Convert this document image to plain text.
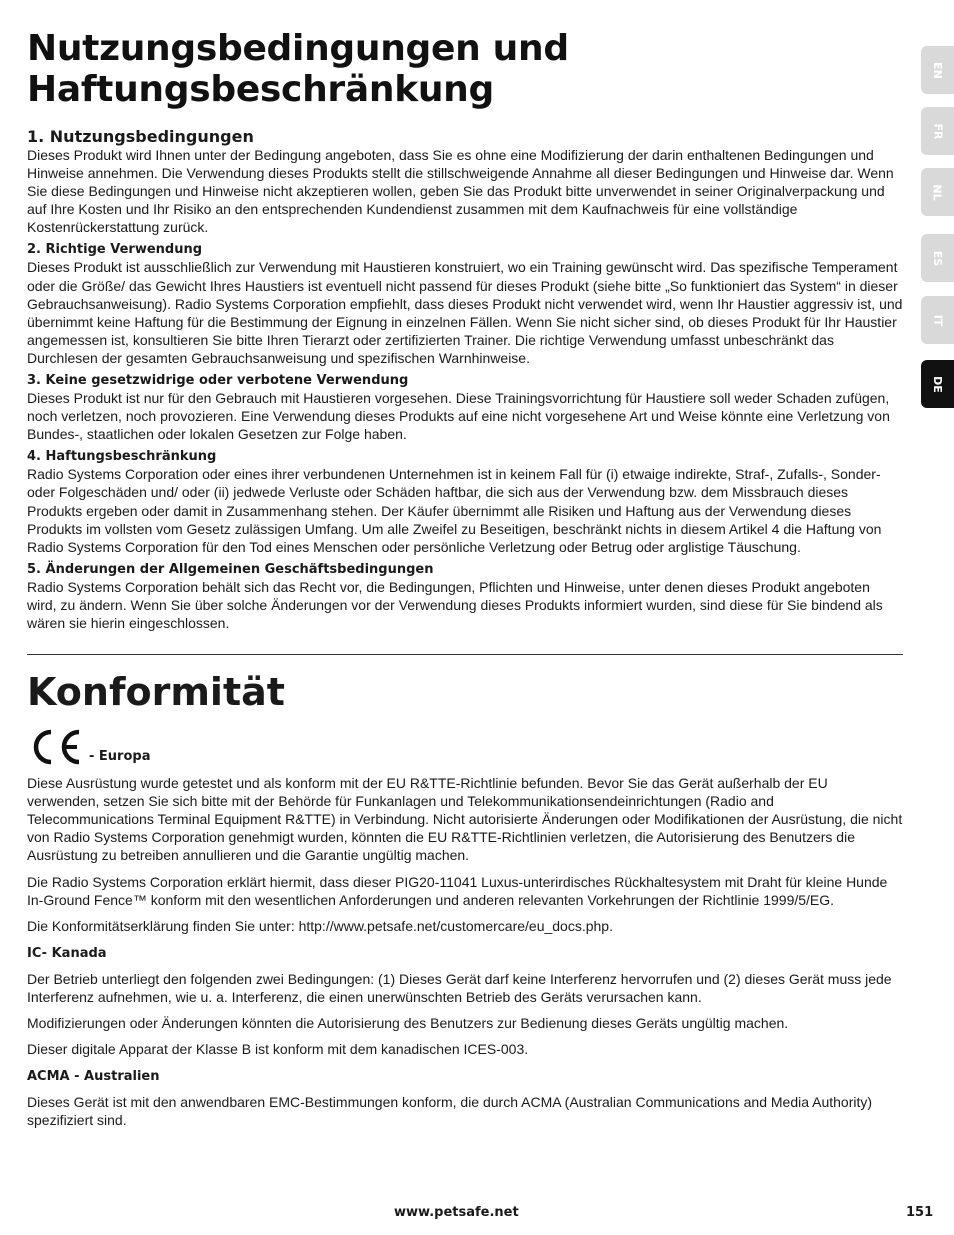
Nutzungsbedingungen und
Haftungsbeschränkung
1. Nutzungsbedingungen

Dieses Produkt wird Ihnen unter der Bedingung angeboten, dass Sie es ohne eine Modifizierung der darin enthaltenen Bedingungen und Hinweise annehmen. Die Verwendung dieses Produkts stellt die stillschweigende Annahme all dieser Bedingungen und Hinweise dar. Wenn Sie diese Bedingungen und Hinweise nicht akzeptieren wollen, geben Sie das Produkt bitte unverwendet in seiner Originalverpackung und auf Ihre Kosten und Ihr Risiko an den entsprechenden Kundendienst zusammen mit dem Kaufnachweis für eine vollständige Kostenrückerstattung zurück.

2. Richtige Verwendung

Dieses Produkt ist ausschließlich zur Verwendung mit Haustieren konstruiert, wo ein Training gewünscht wird. Das spezifische Temperament oder die Größe/ das Gewicht Ihres Haustiers ist eventuell nicht passend für dieses Produkt (siehe bitte „So funktioniert das System“ in dieser Gebrauchsanweisung). Radio Systems Corporation empfiehlt, dass dieses Produkt nicht verwendet wird, wenn Ihr Haustier aggressiv ist, und übernimmt keine Haftung für die Bestimmung der Eignung in einzelnen Fällen. Wenn Sie nicht sicher sind, ob dieses Produkt für Ihr Haustier angemessen ist, konsultieren Sie bitte Ihren Tierarzt oder zertifizierten Trainer. Die richtige Verwendung umfasst unbeschränkt das Durchlesen der gesamten Gebrauchsanweisung und spezifischen Warnhinweise.

3. Keine gesetzwidrige oder verbotene Verwendung

Dieses Produkt ist nur für den Gebrauch mit Haustieren vorgesehen. Diese Trainingsvorrichtung für Haustiere soll weder Schaden zufügen, noch verletzen, noch provozieren. Eine Verwendung dieses Produkts auf eine nicht vorgesehene Art und Weise könnte eine Verletzung von Bundes-, staatlichen oder lokalen Gesetzen zur Folge haben.

4. Haftungsbeschränkung

Radio Systems Corporation oder eines ihrer verbundenen Unternehmen ist in keinem Fall für (i) etwaige indirekte, Straf-, Zufalls-, Sonder- oder Folgeschäden und/ oder (ii) jedwede Verluste oder Schäden haftbar, die sich aus der Verwendung bzw. dem Missbrauch dieses Produkts ergeben oder damit in Zusammenhang stehen. Der Käufer übernimmt alle Risiken und Haftung aus der Verwendung dieses Produkts im vollsten vom Gesetz zulässigen Umfang. Um alle Zweifel zu Beseitigen, beschränkt nichts in diesem Artikel 4 die Haftung von Radio Systems Corporation für den Tod eines Menschen oder persönliche Verletzung oder Betrug oder arglistige Täuschung.

5. Änderungen der Allgemeinen Geschäftsbedingungen

Radio Systems Corporation behält sich das Recht vor, die Bedingungen, Pflichten und Hinweise, unter denen dieses Produkt angeboten wird, zu ändern. Wenn Sie über solche Änderungen vor der Verwendung dieses Produkts informiert wurden, sind diese für Sie bindend als wären sie hierin eingeschlossen.

Konformität
- Europa

Diese Ausrüstung wurde getestet und als konform mit der EU R&TTE-Richtlinie befunden. Bevor Sie das Gerät außerhalb der EU verwenden, setzen Sie sich bitte mit der Behörde für Funkanlagen und Telekommunikationsendeinrichtungen (Radio and Telecommunications Terminal Equipment R&TTE) in Verbindung. Nicht autorisierte Änderungen oder Modifikationen der Ausrüstung, die nicht von Radio Systems Corporation genehmigt wurden, könnten die EU R&TTE-Richtlinien verletzen, die Autorisierung des Benutzers die Ausrüstung zu betreiben annullieren und die Garantie ungültig machen.

Die Radio Systems Corporation erklärt hiermit, dass dieser PIG20-11041 Luxus-unterirdisches Rückhaltesystem mit Draht für kleine Hunde In-Ground Fence™ konform mit den wesentlichen Anforderungen und anderen relevanten Vorkehrungen der Richtlinie 1999/5/EG.

Die Konformitätserklärung finden Sie unter: http://www.petsafe.net/customercare/eu_docs.php.

IC- Kanada

Der Betrieb unterliegt den folgenden zwei Bedingungen: (1) Dieses Gerät darf keine Interferenz hervorrufen und (2) dieses Gerät muss jede Interferenz aufnehmen, wie u. a. Interferenz, die einen unerwünschten Betrieb des Geräts verursachen kann.

Modifizierungen oder Änderungen könnten die Autorisierung des Benutzers zur Bedienung dieses Geräts ungültig machen.

Dieser digitale Apparat der Klasse B ist konform mit dem kanadischen ICES-003.

ACMA - Australien

Dieses Gerät ist mit den anwendbaren EMC-Bestimmungen konform, die durch ACMA (Australian Communications and Media Authority) spezifiziert sind.

EN
FR
NL
ES
IT
DE
www.petsafe.net	151
